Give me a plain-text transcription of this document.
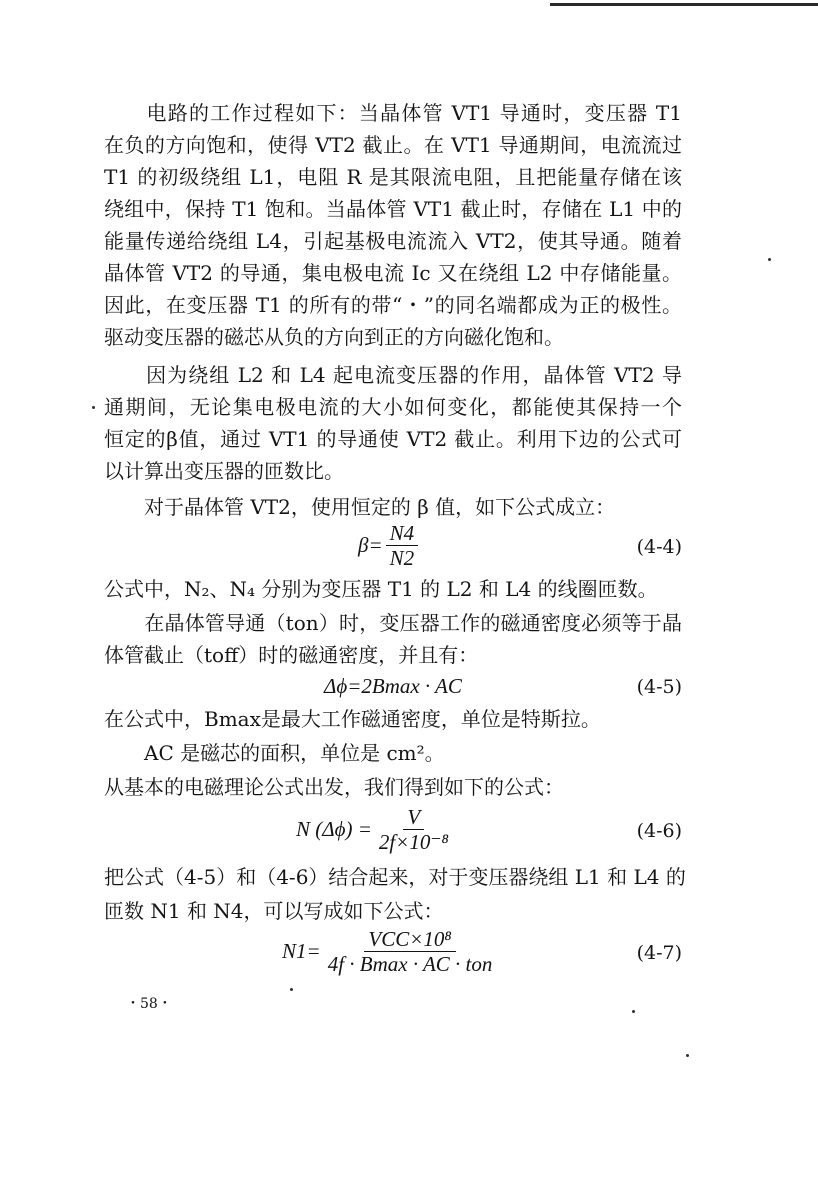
　　电路的工作过程如下：当晶体管 VT1 导通时，变压器 T1
在负的方向饱和，使得 VT2 截止。在 VT1 导通期间，电流流过
T1 的初级绕组 L1，电阻 R 是其限流电阻，且把能量存储在该
绕组中，保持 T1 饱和。当晶体管 VT1 截止时，存储在 L1 中的
能量传递给绕组 L4，引起基极电流流入 VT2，使其导通。随着
晶体管 VT2 的导通，集电极电流 Ic 又在绕组 L2 中存储能量。
因此，在变压器 T1 的所有的带“・”的同名端都成为正的极性。
驱动变压器的磁芯从负的方向到正的方向磁化饱和。
　　因为绕组 L2 和 L4 起电流变压器的作用，晶体管 VT2 导
通期间，无论集电极电流的大小如何变化，都能使其保持一个
恒定的β值，通过 VT1 的导通使 VT2 截止。利用下边的公式可
以计算出变压器的匝数比。
　　对于晶体管 VT2，使用恒定的 β 值，如下公式成立：
$\beta= \frac{N4}{N2}$	(4-4)
公式中，N₂、N₄ 分别为变压器 T1 的 L2 和 L4 的线圈匝数。
　　在晶体管导通（ton）时，变压器工作的磁通密度必须等于晶
体管截止（toff）时的磁通密度，并且有：
Δϕ=2Bmax · AC	(4-5)
在公式中，Bmax是最大工作磁通密度，单位是特斯拉。
　　AC 是磁芯的面积，单位是 cm²。
从基本的电磁理论公式出发，我们得到如下的公式：
N $(\Delta\phi) = \frac{V}{\text{2f×10⁻⁸}}$	(4-6)
把公式（4-5）和（4-6）结合起来，对于变压器绕组 L1 和 L4 的
匝数 N1 和 N4，可以写成如下公式：
$N1= \frac{\text{VCC×10⁸}}{\text{4f · Bmax · AC · ton}}$	(4-7)
・58・
